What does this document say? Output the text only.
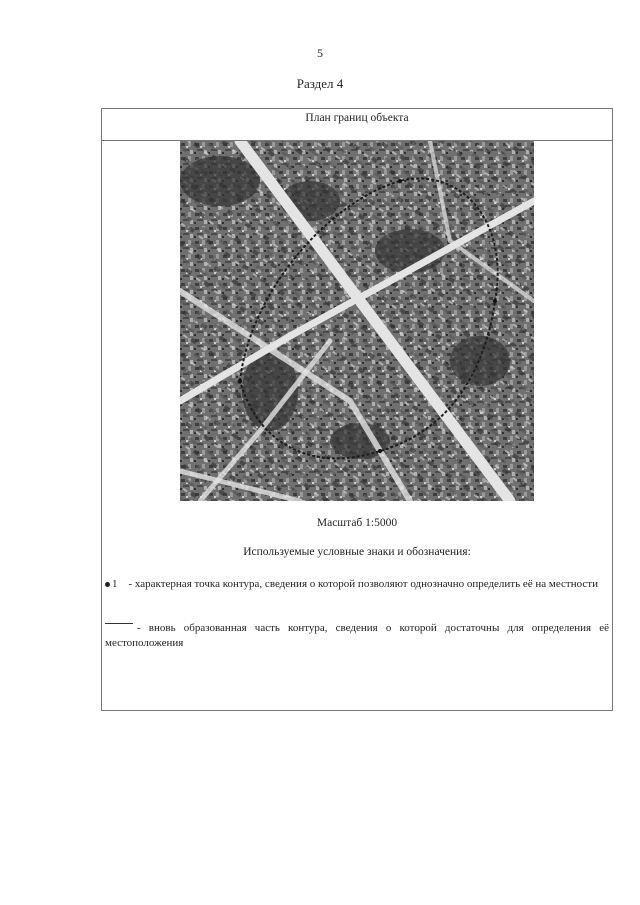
5
Раздел 4
План границ объекта
Масштаб 1:5000
Используемые условные знаки и обозначения:
1 - характерная точка контура, сведения о которой позволяют однозначно определить её на местности
- вновь образованная часть контура, сведения о которой достаточны для определения её местоположения
